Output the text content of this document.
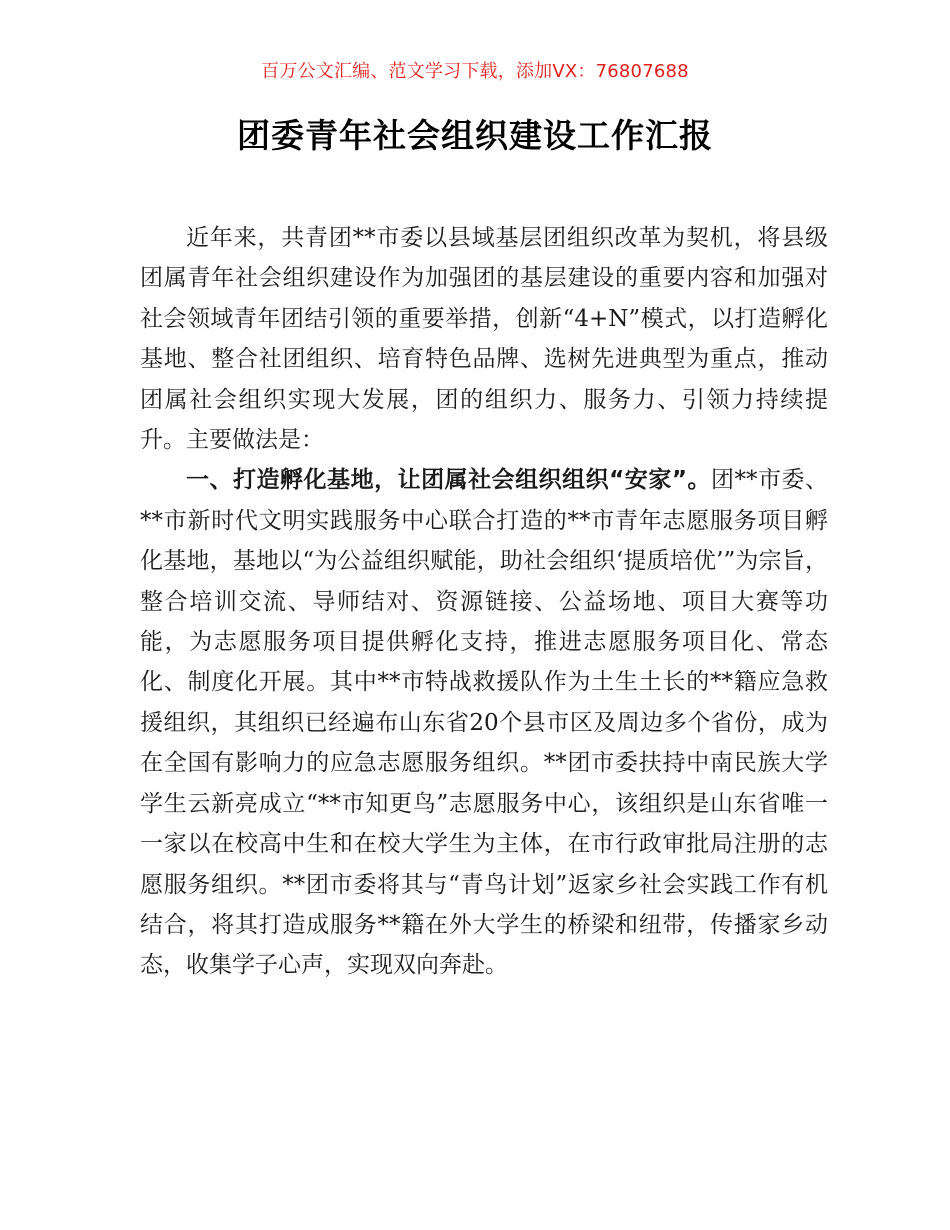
百万公文汇编、范文学习下载，添加VX：76807688
团委青年社会组织建设工作汇报

近年来，共青团**市委以县域基层团组织改革为契机，将县级团属青年社会组织建设作为加强团的基层建设的重要内容和加强对社会领域青年团结引领的重要举措，创新“4+N”模式，以打造孵化基地、整合社团组织、培育特色品牌、选树先进典型为重点，推动团属社会组织实现大发展，团的组织力、服务力、引领力持续提升。主要做法是：

一、打造孵化基地，让团属社会组织组织“安家”。团**市委、**市新时代文明实践服务中心联合打造的**市青年志愿服务项目孵化基地，基地以“为公益组织赋能，助社会组织‘提质培优’”为宗旨，整合培训交流、导师结对、资源链接、公益场地、项目大赛等功能，为志愿服务项目提供孵化支持，推进志愿服务项目化、常态化、制度化开展。其中**市特战救援队作为土生土长的**籍应急救援组织，其组织已经遍布山东省20个县市区及周边多个省份，成为在全国有影响力的应急志愿服务组织。**团市委扶持中南民族大学学生云新亮成立“**市知更鸟”志愿服务中心，该组织是山东省唯一一家以在校高中生和在校大学生为主体，在市行政审批局注册的志愿服务组织。**团市委将其与“青鸟计划”返家乡社会实践工作有机结合，将其打造成服务**籍在外大学生的桥梁和纽带，传播家乡动态，收集学子心声，实现双向奔赴。
